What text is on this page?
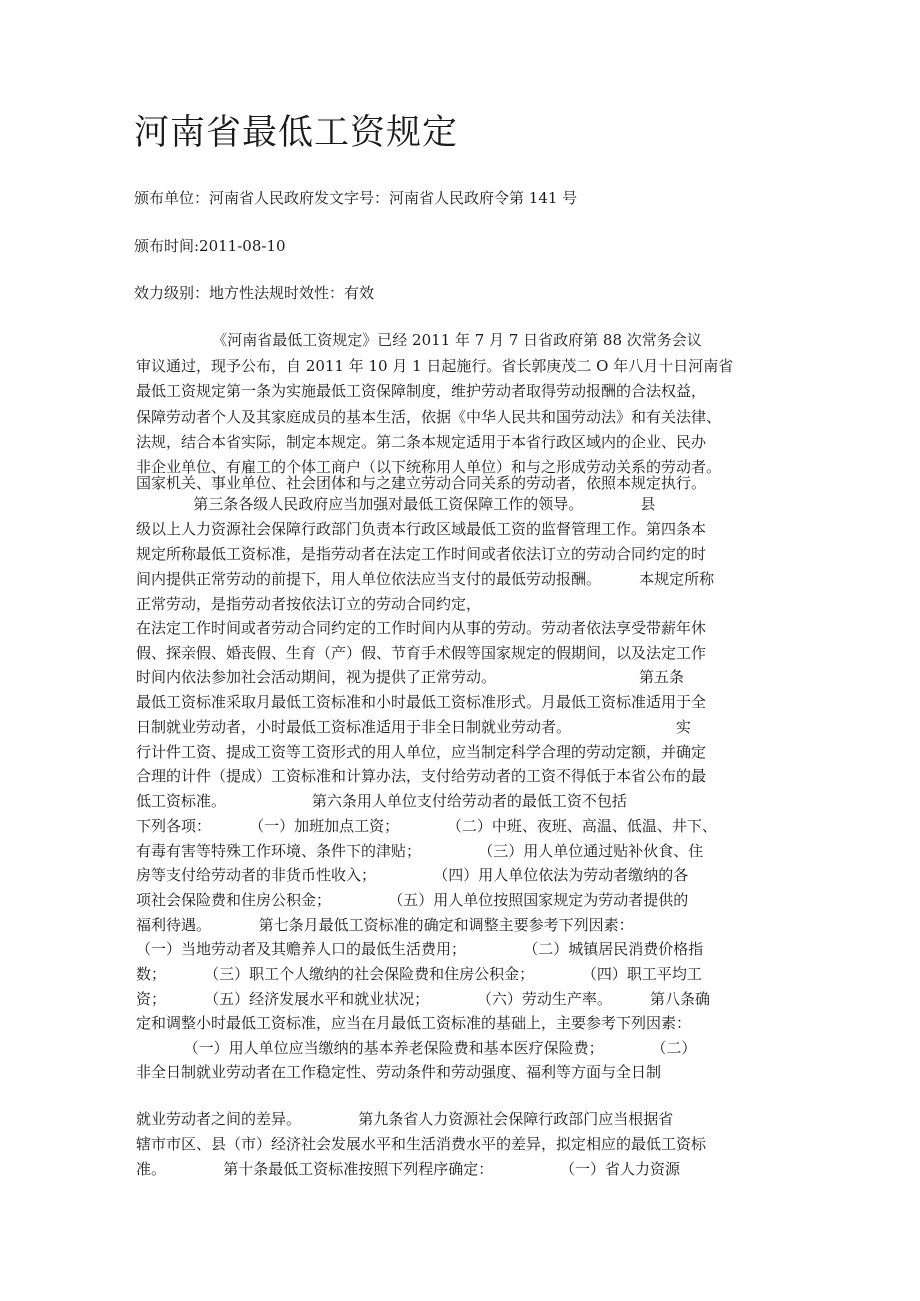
河南省最低工资规定
颁布单位：河南省人民政府发文字号：河南省人民政府令第 141 号
颁布时间:2011-08-10
效力级别：地方性法规时效性：有效
《河南省最低工资规定》已经 2011 年 7 月 7 日省政府第 88 次常务会议
审议通过，现予公布，自 2011 年 10 月 1 日起施行。省长郭庚茂二 O 年八月十日河南省
最低工资规定第一条为实施最低工资保障制度，维护劳动者取得劳动报酬的合法权益，
保障劳动者个人及其家庭成员的基本生活，依据《中华人民共和国劳动法》和有关法律、
法规，结合本省实际，制定本规定。第二条本规定适用于本省行政区域内的企业、民办
非企业单位、有雇工的个体工商户（以下统称用人单位）和与之形成劳动关系的劳动者。
国家机关、事业单位、社会团体和与之建立劳动合同关系的劳动者，依照本规定执行。
第三条各级人民政府应当加强对最低工资保障工作的领导。            县
级以上人力资源社会保障行政部门负责本行政区域最低工资的监督管理工作。第四条本
规定所称最低工资标准，是指劳动者在法定工作时间或者依法订立的劳动合同约定的时
间内提供正常劳动的前提下，用人单位依法应当支付的最低劳动报酬。        本规定所称
正常劳动，是指劳动者按依法订立的劳动合同约定，
在法定工作时间或者劳动合同约定的工作时间内从事的劳动。劳动者依法享受带薪年休
假、探亲假、婚丧假、生育（产）假、节育手术假等国家规定的假期间，以及法定工作
时间内依法参加社会活动期间，视为提供了正常劳动。                              第五条
最低工资标准采取月最低工资标准和小时最低工资标准形式。月最低工资标准适用于全
日制就业劳动者，小时最低工资标准适用于非全日制就业劳动者。                      实
行计件工资、提成工资等工资形式的用人单位，应当制定科学合理的劳动定额，并确定
合理的计件（提成）工资标准和计算办法，支付给劳动者的工资不得低于本省公布的最
低工资标准。                  第六条用人单位支付给劳动者的最低工资不包括
下列各项：        （一）加班加点工资；          （二）中班、夜班、高温、低温、井下、
有毒有害等特殊工作环境、条件下的津贴；            （三）用人单位通过贴补伙食、住
房等支付给劳动者的非货币性收入；            （四）用人单位依法为劳动者缴纳的各
项社会保险费和住房公积金；            （五）用人单位按照国家规定为劳动者提供的
福利待遇。          第七条月最低工资标准的确定和调整主要参考下列因素：
（一）当地劳动者及其赡养人口的最低生活费用；            （二）城镇居民消费价格指
数；        （三）职工个人缴纳的社会保险费和住房公积金；          （四）职工平均工
资；        （五）经济发展水平和就业状况；          （六）劳动生产率。        第八条确
定和调整小时最低工资标准，应当在月最低工资标准的基础上，主要参考下列因素：
（一）用人单位应当缴纳的基本养老保险费和基本医疗保险费；          （二）
非全日制就业劳动者在工作稳定性、劳动条件和劳动强度、福利等方面与全日制
就业劳动者之间的差异。            第九条省人力资源社会保障行政部门应当根据省
辖市市区、县（市）经济社会发展水平和生活消费水平的差异，拟定相应的最低工资标
准。            第十条最低工资标准按照下列程序确定：              （一）省人力资源
